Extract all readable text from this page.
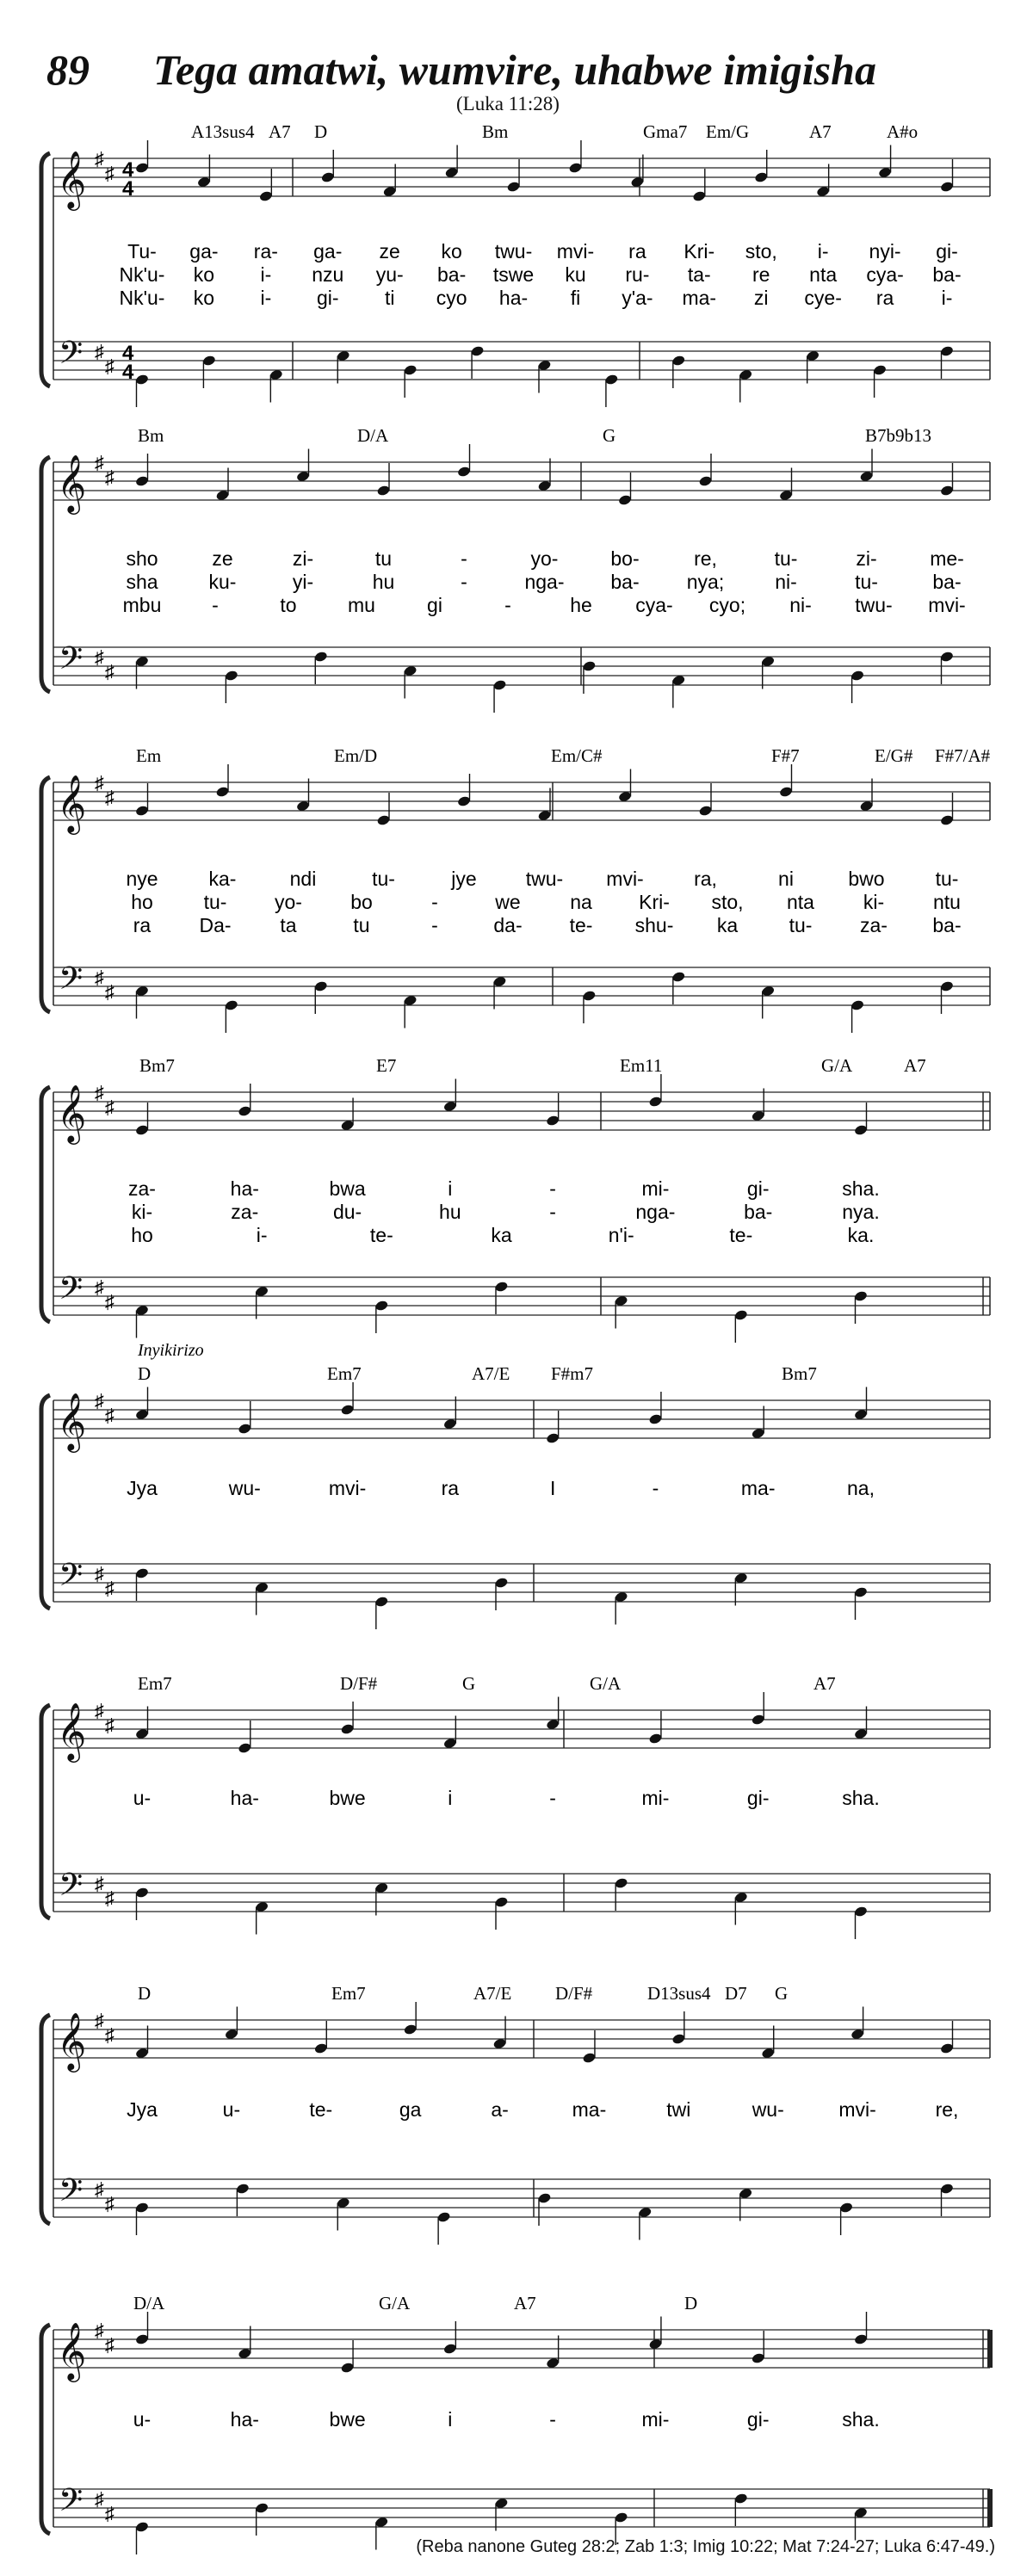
89 Tega amatwi, wumvire, uhabwe imigisha
(Luka 11:28)
𝄞
𝄢
♯
♯
♯
♯
4
4
4
4
A13sus4 A7 D	Bm	Gma7 Em/G	A7	A#o
Tu- ga- ra- ga- ze ko twu- mvi- ra Kri- sto, i- nyi- gi-
Nk'u- ko i- nzu yu- ba- tswe ku ru- ta- re nta cya- ba-
Nk'u- ko i- gi- ti cyo ha- fi y'a- ma- zi cye- ra i-
𝄞
𝄢
♯
♯
♯
♯
Bm	D/A	G	B7b9b13
sho	ze	zi-	tu	-	yo-	bo-	re,	tu-	zi-	me-
sha	ku-	yi-	hu	-	nga- ba- nya;	ni-	tu-	ba-
mbu	-	to	mu	gi	-	he cya- cyo; ni- twu- mvi-
𝄞
𝄢
♯
♯
♯
♯
Em	Em/D	Em/C#	F#7	E/G# F#7/A#
nye	ka-	ndi	tu-	jye twu- mvi-	ra,	ni	bwo	tu-
ho	tu- yo- bo	-	we	na Kri- sto, nta ki- ntu
ra Da- ta	tu	-	da- te- shu- ka	tu- za- ba-
𝄞
𝄢
♯
♯
♯
♯
Bm7	E7	Em11	G/A	A7
za-	ha-	bwa	i	-	mi-	gi-	sha.
ki-	za-	du-	hu	-	nga-	ba-	nya.
ho	i-	te-	ka	n'i-	te-	ka.
𝄞
𝄢
♯
♯
♯
♯
Inyikirizo
D	Em7	A7/E F#m7	Bm7
Jya	wu-	mvi-	ra	I	-	ma-	na,
𝄞
𝄢
♯
♯
♯
♯
Em7	D/F#	G	G/A	A7
u-	ha-	bwe	i	-	mi-	gi-	sha.
𝄞
𝄢
♯
♯
♯
♯
D	Em7	A7/E D/F#	D13sus4 D7 G
Jya	u-	te-	ga	a-	ma-	twi	wu-	mvi-	re,
𝄞
𝄢
♯
♯
♯
♯
D/A	G/A	A7	D
u-	ha-	bwe	i	-	mi-	gi-	sha.
(Reba nanone Guteg 28:2; Zab 1:3; Imig 10:22; Mat 7:24-27; Luka 6:47-49.)
